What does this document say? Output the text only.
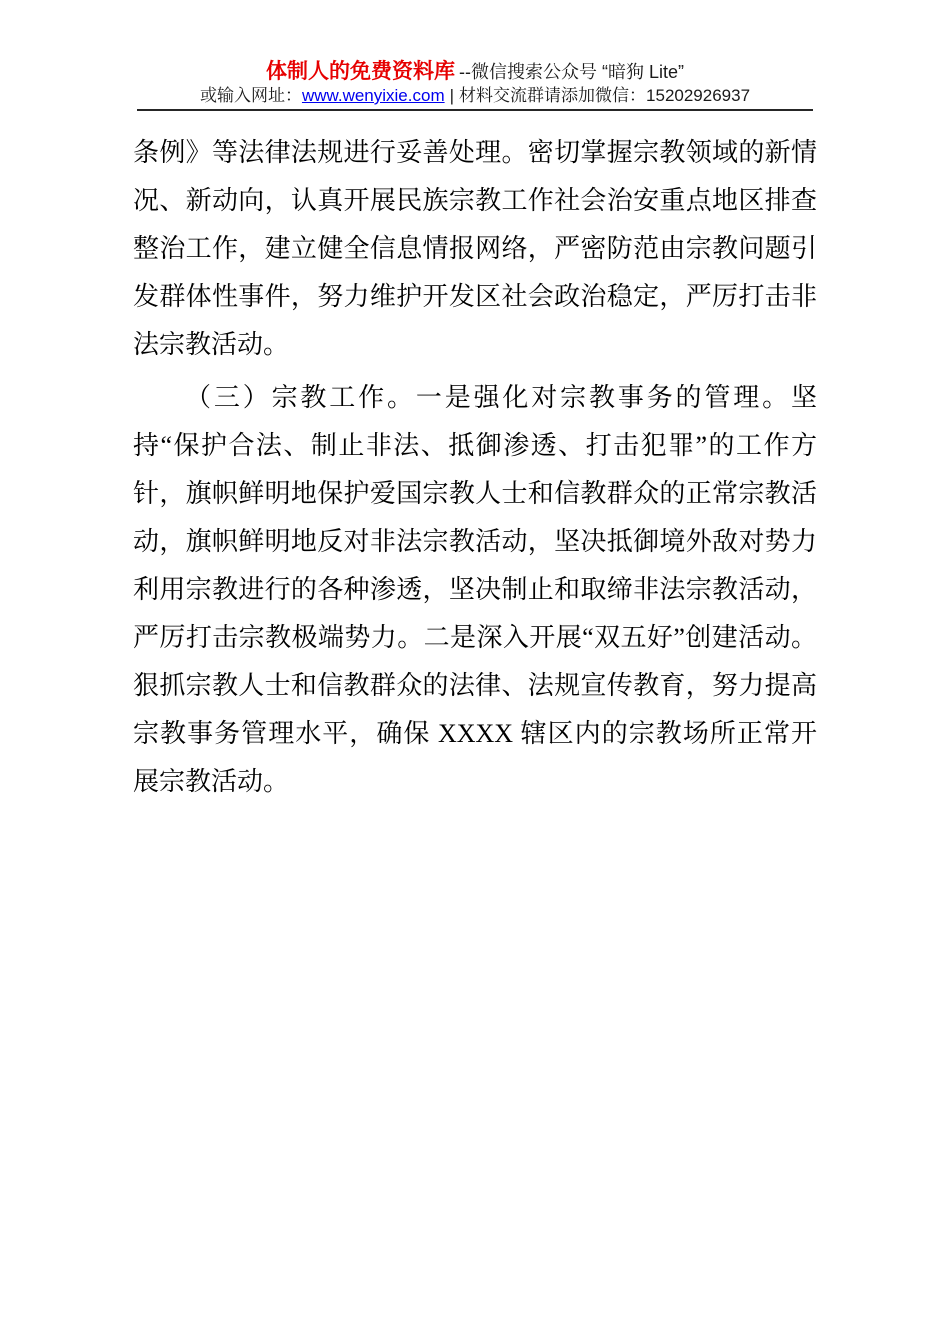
体制人的免费资料库 --微信搜索公众号 “暗狗 Lite”
或输入网址：www.wenyixie.com | 材料交流群请添加微信：15202926937

条例》等法律法规进行妥善处理。密切掌握宗教领域的新情况、新动向，认真开展民族宗教工作社会治安重点地区排查整治工作，建立健全信息情报网络，严密防范由宗教问题引发群体性事件，努力维护开发区社会政治稳定，严厉打击非法宗教活动。

（三）宗教工作。一是强化对宗教事务的管理。坚持“保护合法、制止非法、抵御渗透、打击犯罪”的工作方针，旗帜鲜明地保护爱国宗教人士和信教群众的正常宗教活动，旗帜鲜明地反对非法宗教活动，坚决抵御境外敌对势力利用宗教进行的各种渗透，坚决制止和取缔非法宗教活动，严厉打击宗教极端势力。二是深入开展“双五好”创建活动。狠抓宗教人士和信教群众的法律、法规宣传教育，努力提高宗教事务管理水平，确保 XXXX 辖区内的宗教场所正常开展宗教活动。
